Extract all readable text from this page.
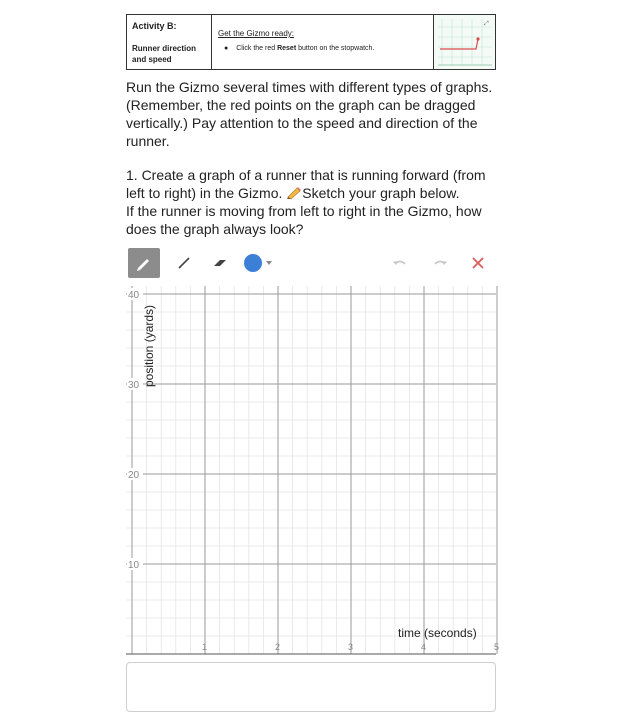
Activity B:
Runner direction and speed
Get the Gizmo ready:
● Click the red Reset button on the stopwatch.
⤢
Run the Gizmo several times with different types of graphs. (Remember, the red points on the graph can be dragged vertically.) Pay attention to the speed and direction of the runner.
1. Create a graph of a runner that is running forward (from left to right) in the Gizmo. Sketch your graph below.
If the runner is moving from left to right in the Gizmo, how does the graph always look?
40
30
20
10
1	2	3	4	5
time (seconds)
position (yards)
